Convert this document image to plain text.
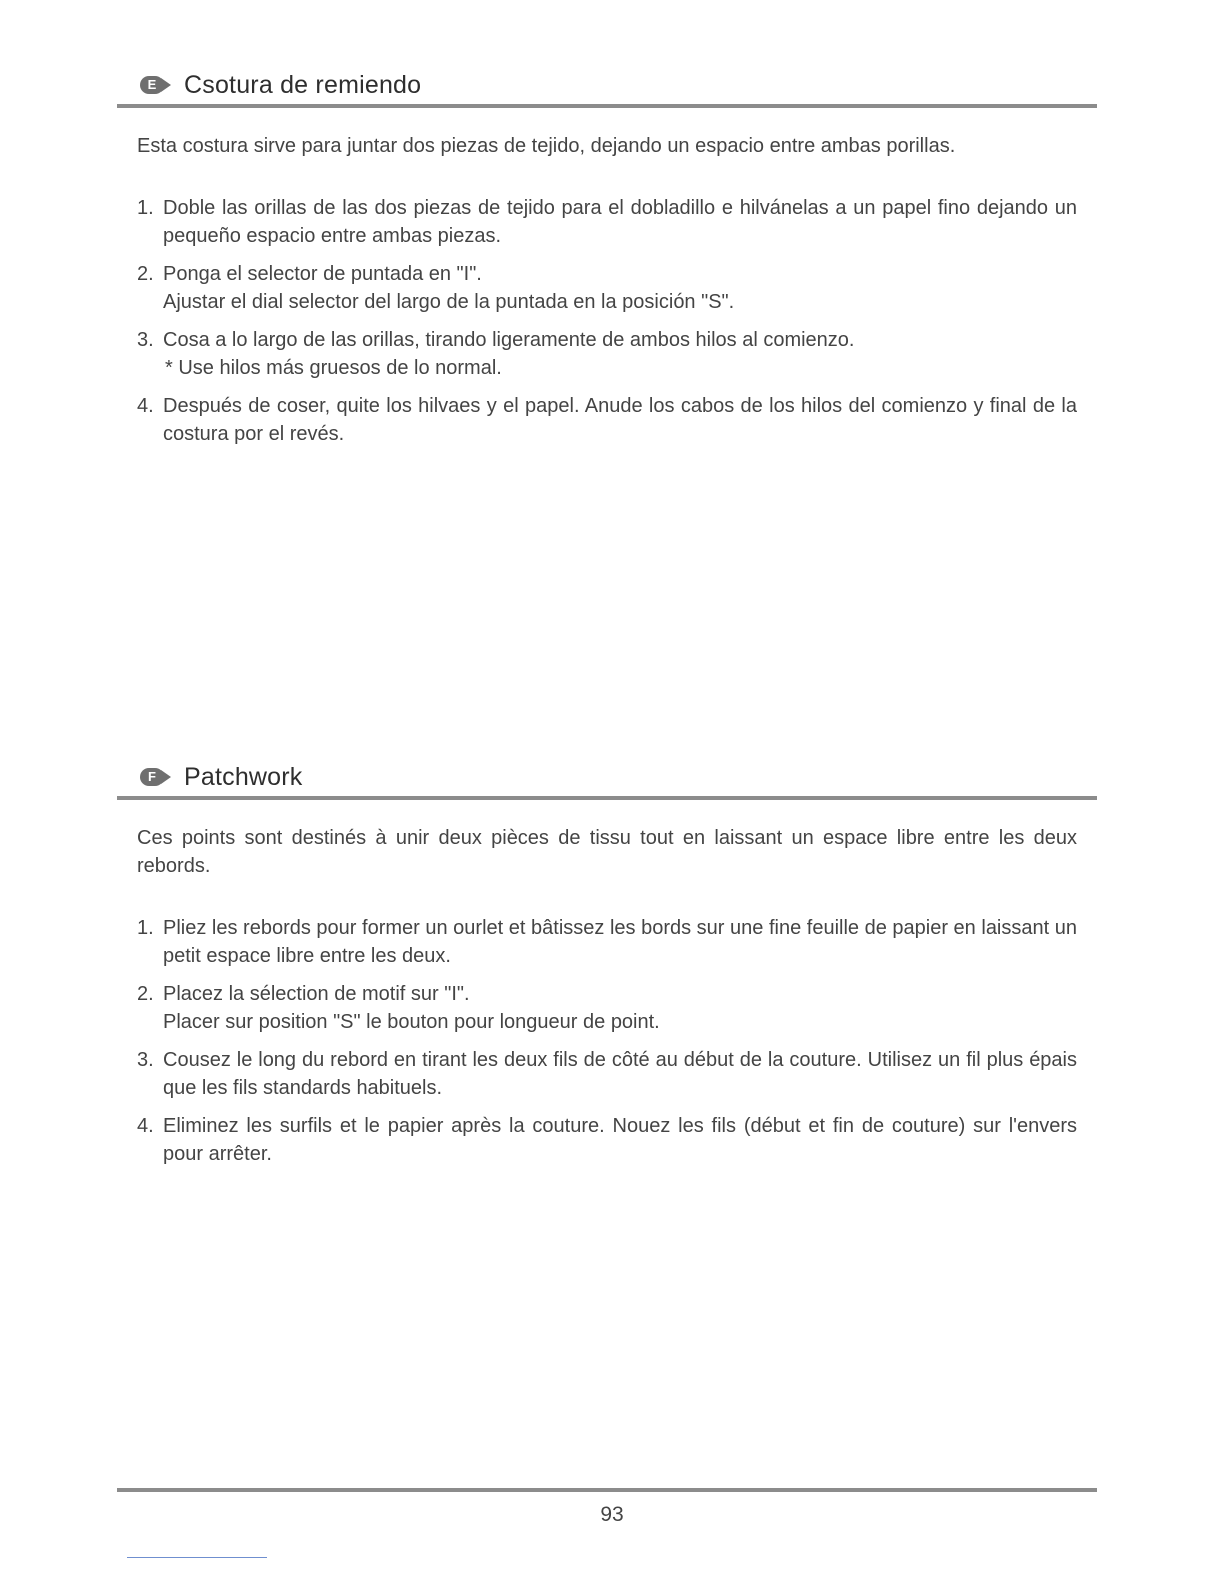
E	Csotura de remiendo

Esta costura sirve para juntar dos piezas de tejido, dejando un espacio entre ambas porillas.

1. Doble las orillas de las dos piezas de tejido para el dobladillo e hilvánelas a un papel fino dejando un pequeño espacio entre ambas piezas.
2. Ponga el selector de puntada en "I".
Ajustar el dial selector del largo de la puntada en la posición "S".
3. Cosa a lo largo de las orillas, tirando ligeramente de ambos hilos al comienzo.
* Use hilos más gruesos de lo normal.
4. Después de coser, quite los hilvaes y el papel. Anude los cabos de los hilos del comienzo y final de la costura por el revés.
F	Patchwork

Ces points sont destinés à unir deux pièces de tissu tout en laissant un espace libre entre les deux rebords.

1. Pliez les rebords pour former un ourlet et bâtissez les bords sur une fine feuille de papier en laissant un petit espace libre entre les deux.
2. Placez la sélection de motif sur "I".
Placer sur position "S" le bouton pour longueur de point.
3. Cousez le long du rebord en tirant les deux fils de côté au début de la couture. Utilisez un fil plus épais que les fils standards habituels.
4. Eliminez les surfils et le papier après la couture. Nouez les fils (début et fin de couture) sur l'envers pour arrêter.
93
